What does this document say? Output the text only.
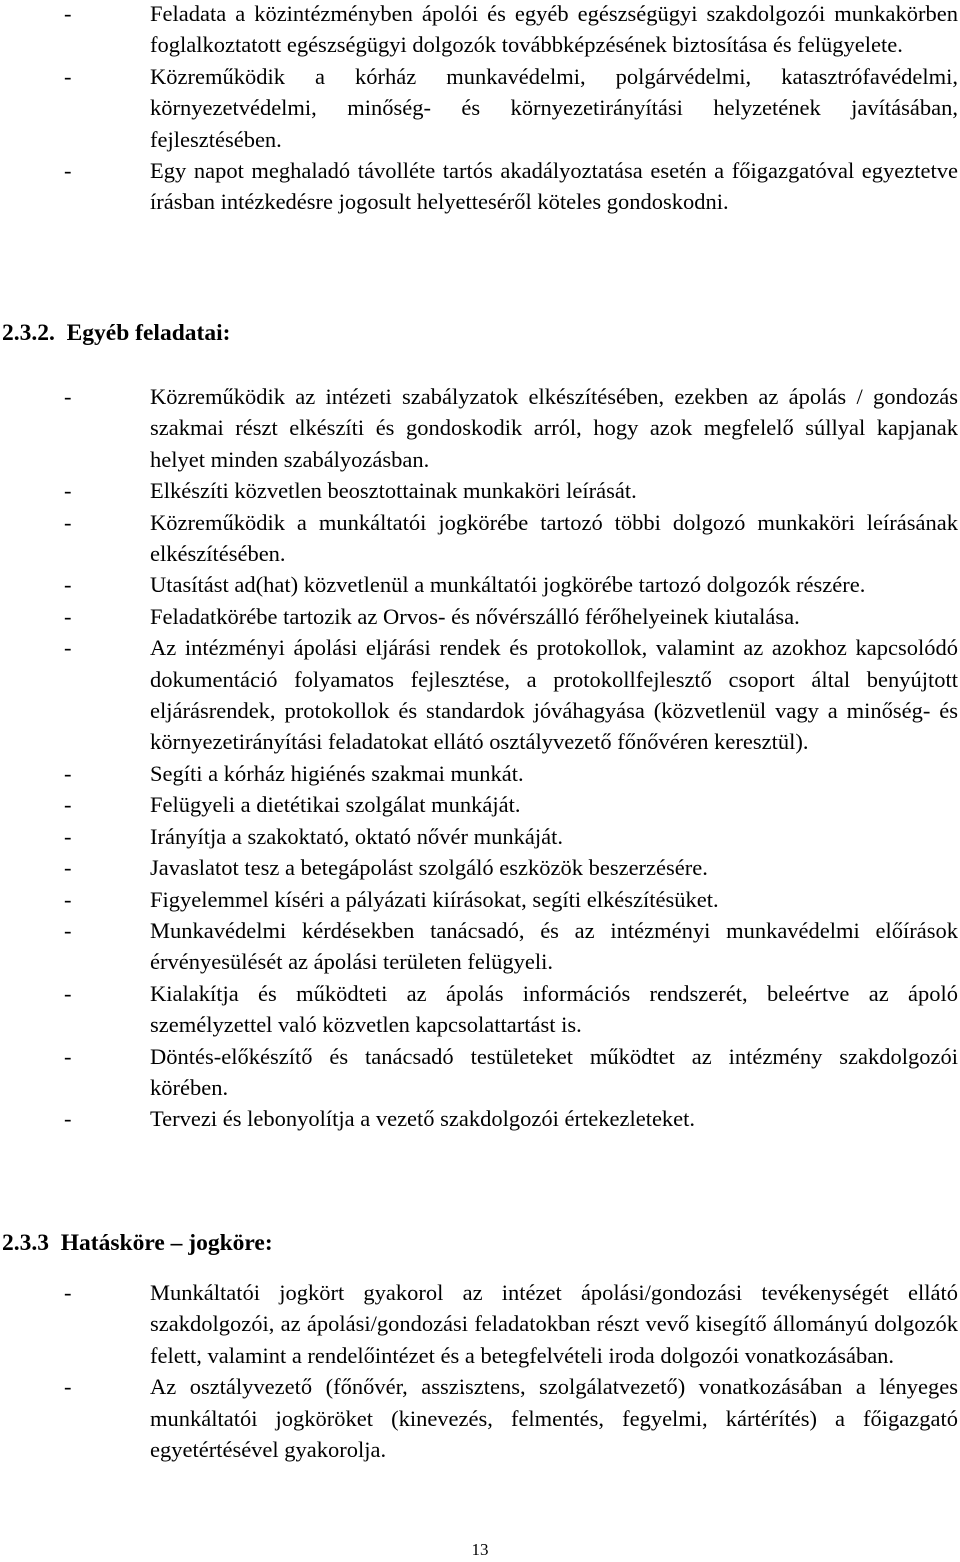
-	Feladata a közintézményben ápolói és egyéb egészségügyi szakdolgozói munkakörben foglalkoztatott egészségügyi dolgozók továbbképzésének biztosítása és felügyelete.
-	Közreműködik a kórház munkavédelmi, polgárvédelmi, katasztrófavédelmi, környezetvédelmi, minőség- és környezetirányítási helyzetének javításában, fejlesztésében.
-	Egy napot meghaladó távolléte tartós akadályoztatása esetén a főigazgatóval egyeztetve írásban intézkedésre jogosult helyetteséről köteles gondoskodni.
2.3.2.  Egyéb feladatai:
-	Közreműködik az intézeti szabályzatok elkészítésében, ezekben az ápolás / gondozás szakmai részt elkészíti és gondoskodik arról, hogy azok megfelelő súllyal kapjanak helyet minden szabályozásban.
-	Elkészíti közvetlen beosztottainak munkaköri leírását.
-	Közreműködik a munkáltatói jogkörébe tartozó többi dolgozó munkaköri leírásának elkészítésében.
-	Utasítást ad(hat) közvetlenül a munkáltatói jogkörébe tartozó dolgozók részére.
-	Feladatkörébe tartozik az Orvos- és nővérszálló férőhelyeinek kiutalása.
-	Az intézményi ápolási eljárási rendek és protokollok, valamint az azokhoz kapcsolódó dokumentáció folyamatos fejlesztése, a protokollfejlesztő csoport által benyújtott eljárásrendek, protokollok és standardok jóváhagyása (közvetlenül vagy a minőség- és környezetirányítási feladatokat ellátó osztályvezető főnővéren keresztül).
-	Segíti a kórház higiénés szakmai munkát.
-	Felügyeli a dietétikai szolgálat munkáját.
-	Irányítja a szakoktató, oktató nővér munkáját.
-	Javaslatot tesz a betegápolást szolgáló eszközök beszerzésére.
-	Figyelemmel kíséri a pályázati kiírásokat, segíti elkészítésüket.
-	Munkavédelmi kérdésekben tanácsadó, és az intézményi munkavédelmi előírások érvényesülését az ápolási területen felügyeli.
-	Kialakítja és működteti az ápolás információs rendszerét, beleértve az ápoló személyzettel való közvetlen kapcsolattartást is.
-	Döntés-előkészítő és tanácsadó testületeket működtet az intézmény szakdolgozói körében.
-	Tervezi és lebonyolítja a vezető szakdolgozói értekezleteket.
2.3.3  Hatásköre – jogköre:
-	Munkáltatói jogkört gyakorol az intézet ápolási/gondozási tevékenységét ellátó szakdolgozói, az ápolási/gondozási feladatokban részt vevő kisegítő állományú dolgozók felett, valamint a rendelőintézet és a betegfelvételi iroda dolgozói vonatkozásában.
-	Az osztályvezető (főnővér, asszisztens, szolgálatvezető) vonatkozásában a lényeges munkáltatói jogköröket (kinevezés, felmentés, fegyelmi, kártérítés) a főigazgató egyetértésével gyakorolja.
13
